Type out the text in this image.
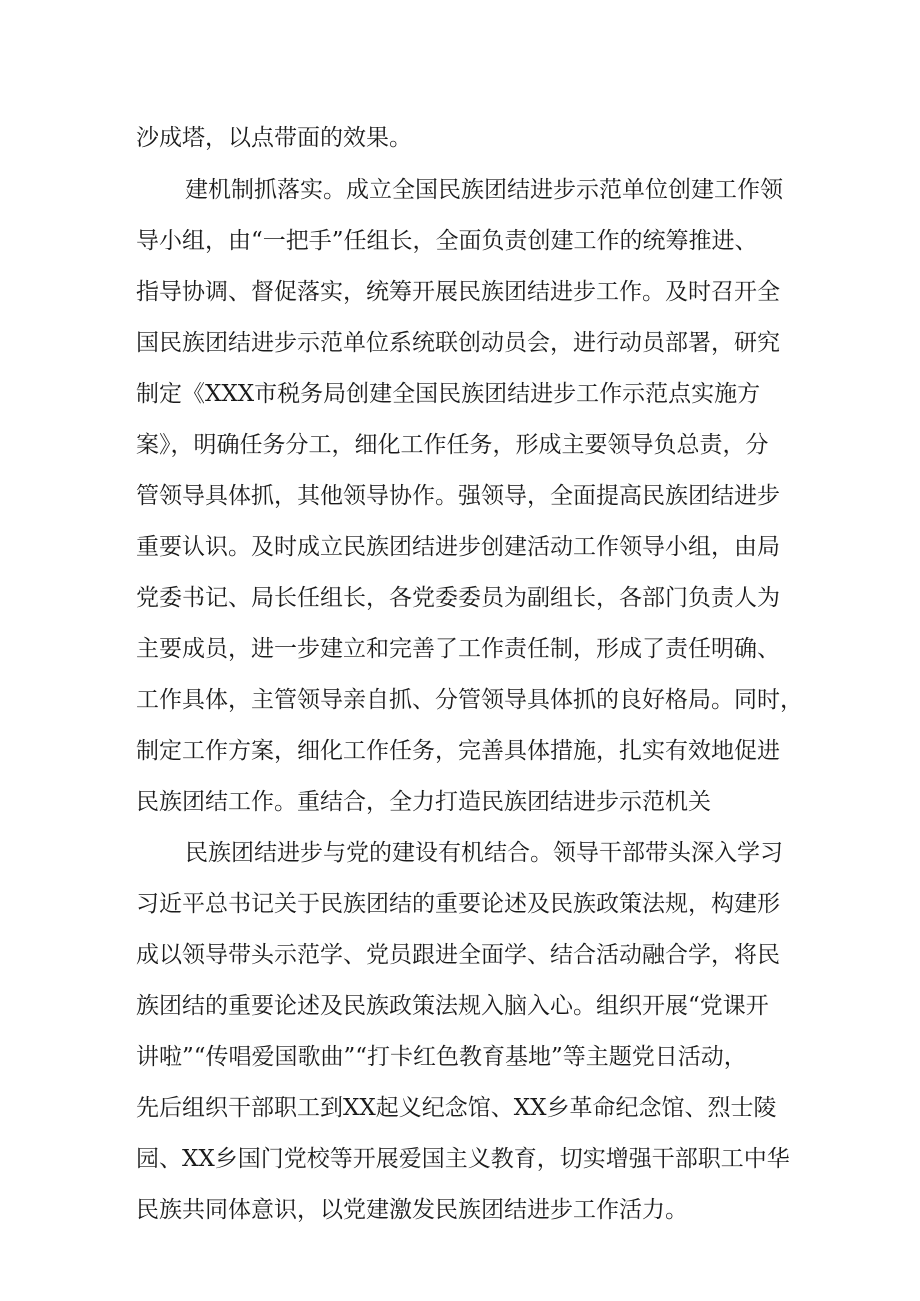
沙成塔，以点带面的效果。
建机制抓落实。成立全国民族团结进步示范单位创建工作领
导小组，由“一把手”任组长，全面负责创建工作的统筹推进、
指导协调、督促落实，统筹开展民族团结进步工作。及时召开全
国民族团结进步示范单位系统联创动员会，进行动员部署，研究
制定《XXX市税务局创建全国民族团结进步工作示范点实施方
案》，明确任务分工，细化工作任务，形成主要领导负总责，分
管领导具体抓，其他领导协作。强领导，全面提高民族团结进步
重要认识。及时成立民族团结进步创建活动工作领导小组，由局
党委书记、局长任组长，各党委委员为副组长，各部门负责人为
主要成员，进一步建立和完善了工作责任制，形成了责任明确、
工作具体，主管领导亲自抓、分管领导具体抓的良好格局。同时，
制定工作方案，细化工作任务，完善具体措施，扎实有效地促进
民族团结工作。重结合，全力打造民族团结进步示范机关
民族团结进步与党的建设有机结合。领导干部带头深入学习
习近平总书记关于民族团结的重要论述及民族政策法规，构建形
成以领导带头示范学、党员跟进全面学、结合活动融合学，将民
族团结的重要论述及民族政策法规入脑入心。组织开展“党课开
讲啦”“传唱爱国歌曲”“打卡红色教育基地”等主题党日活动，
先后组织干部职工到XX起义纪念馆、XX乡革命纪念馆、烈士陵
园、XX乡国门党校等开展爱国主义教育，切实增强干部职工中华
民族共同体意识，以党建激发民族团结进步工作活力。
